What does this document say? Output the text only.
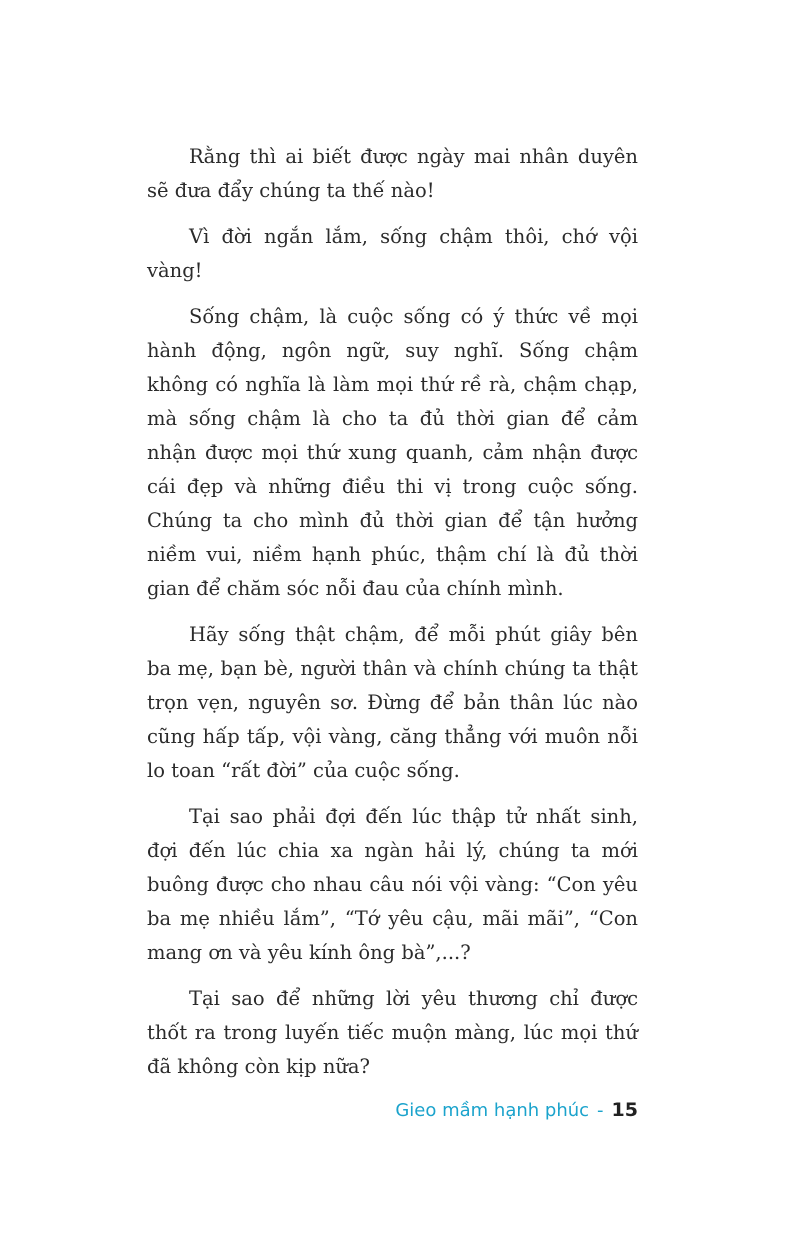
Rằng thì ai biết được ngày mai nhân duyên sẽ đưa đẩy chúng ta thế nào!

Vì đời ngắn lắm, sống chậm thôi, chớ vội vàng!

Sống chậm, là cuộc sống có ý thức về mọi hành động, ngôn ngữ, suy nghĩ. Sống chậm không có nghĩa là làm mọi thứ rề rà, chậm chạp, mà sống chậm là cho ta đủ thời gian để cảm nhận được mọi thứ xung quanh, cảm nhận được cái đẹp và những điều thi vị trong cuộc sống. Chúng ta cho mình đủ thời gian để tận hưởng niềm vui, niềm hạnh phúc, thậm chí là đủ thời gian để chăm sóc nỗi đau của chính mình.

Hãy sống thật chậm, để mỗi phút giây bên ba mẹ, bạn bè, người thân và chính chúng ta thật trọn vẹn, nguyên sơ. Đừng để bản thân lúc nào cũng hấp tấp, vội vàng, căng thẳng với muôn nỗi lo toan “rất đời” của cuộc sống.

Tại sao phải đợi đến lúc thập tử nhất sinh, đợi đến lúc chia xa ngàn hải lý, chúng ta mới buông được cho nhau câu nói vội vàng: “Con yêu ba mẹ nhiều lắm”, “Tớ yêu cậu, mãi mãi”, “Con mang ơn và yêu kính ông bà”,...?

Tại sao để những lời yêu thương chỉ được thốt ra trong luyến tiếc muộn màng, lúc mọi thứ đã không còn kịp nữa?

Gieo mầm hạnh phúc - 15
